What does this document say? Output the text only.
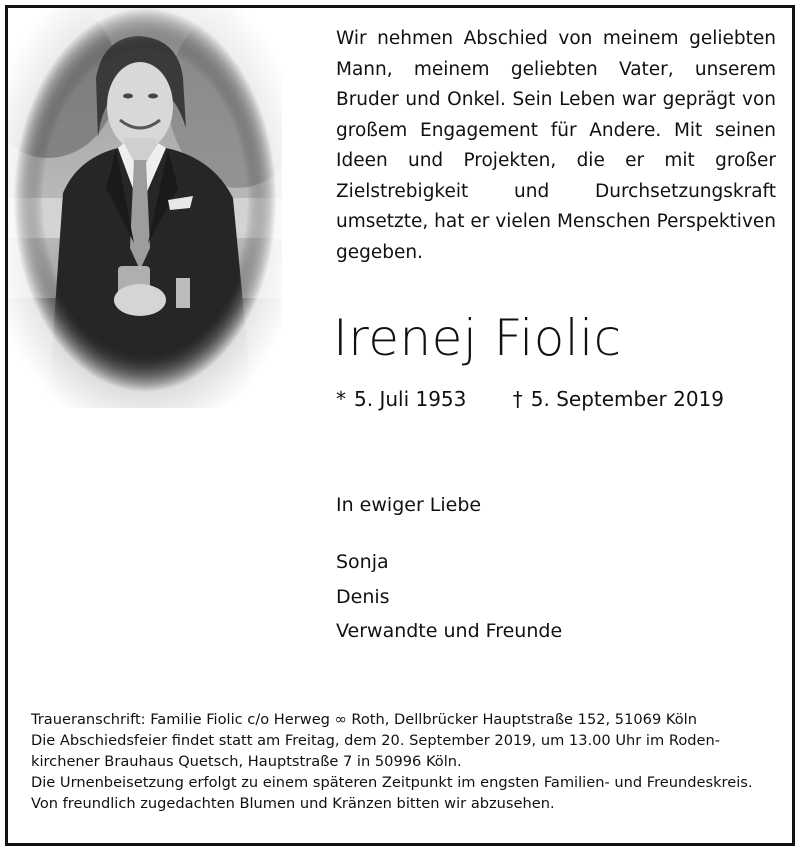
Wir nehmen Abschied von meinem geliebten Mann, meinem geliebten Vater, unserem Bruder und Onkel. Sein Leben war geprägt von großem Engagement für Andere. Mit seinen Ideen und Projekten, die er mit großer Zielstrebigkeit und Durchsetzungskraft umsetzte, hat er vielen Menschen Perspektiven gegeben.
Irenej Fiolic
* 5. Juli 1953 † 5. September 2019
In ewiger Liebe
Sonja
Denis
Verwandte und Freunde
Traueranschrift: Familie Fiolic c/o Herweg ∞ Roth, Dellbrücker Hauptstraße 152, 51069 Köln
Die Abschiedsfeier findet statt am Freitag, dem 20. September 2019, um 13.00 Uhr im Roden-
kirchener Brauhaus Quetsch, Hauptstraße 7 in 50996 Köln.
Die Urnenbeisetzung erfolgt zu einem späteren Zeitpunkt im engsten Familien- und Freundeskreis.
Von freundlich zugedachten Blumen und Kränzen bitten wir abzusehen.
